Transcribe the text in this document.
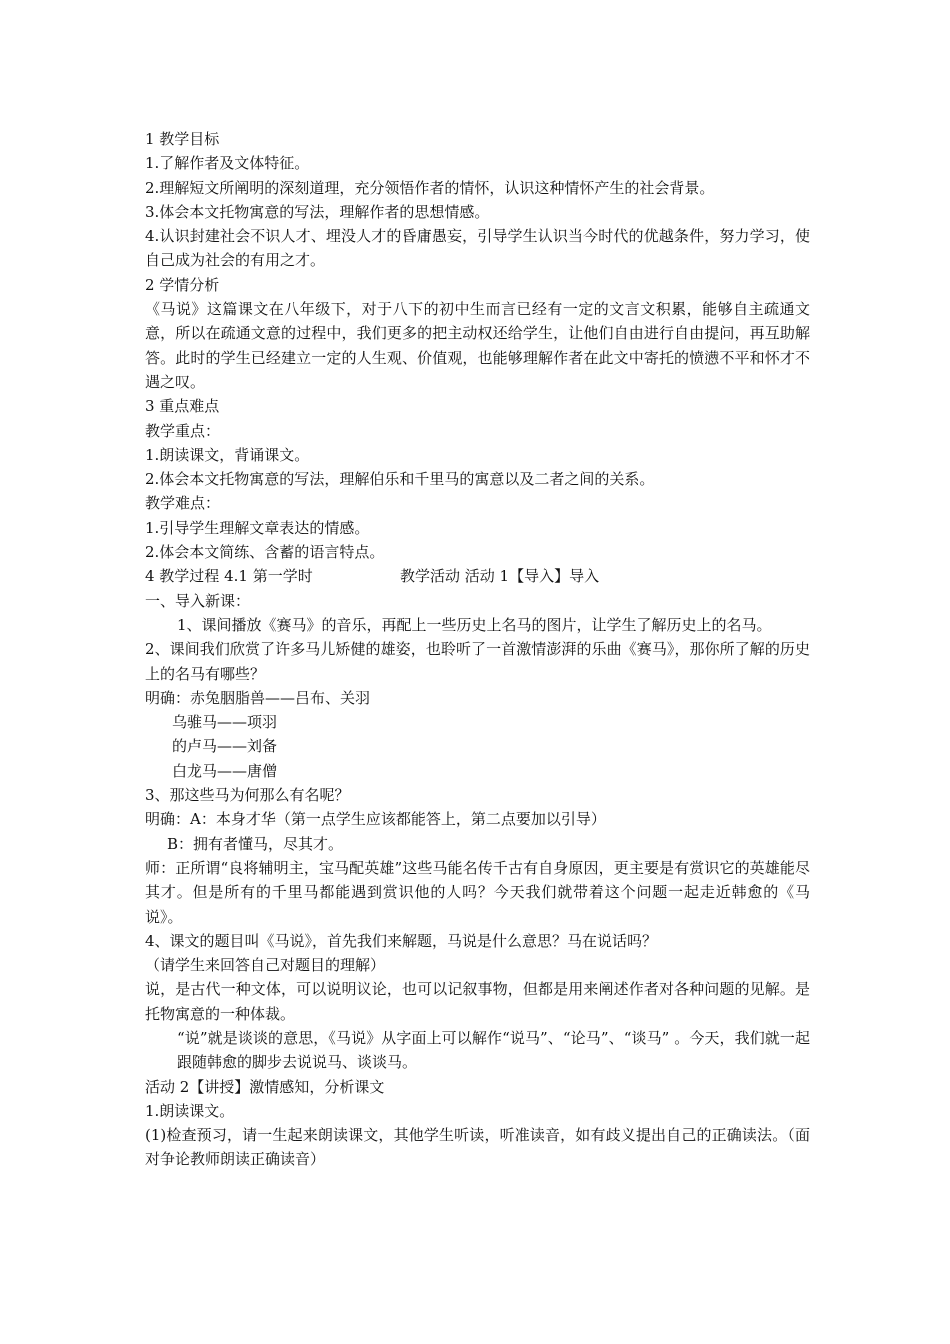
1 教学目标

1.了解作者及文体特征。

2.理解短文所阐明的深刻道理，充分领悟作者的情怀，认识这种情怀产生的社会背景。

3.体会本文托物寓意的写法，理解作者的思想情感。

4.认识封建社会不识人才、埋没人才的昏庸愚妄，引导学生认识当今时代的优越条件，努力学习，使自己成为社会的有用之才。

2 学情分析

《马说》这篇课文在八年级下，对于八下的初中生而言已经有一定的文言文积累，能够自主疏通文意，所以在疏通文意的过程中，我们更多的把主动权还给学生，让他们自由进行自由提问，再互助解答。此时的学生已经建立一定的人生观、价值观，也能够理解作者在此文中寄托的愤懑不平和怀才不遇之叹。

3 重点难点

教学重点：

1.朗读课文，背诵课文。

2.体会本文托物寓意的写法，理解伯乐和千里马的寓意以及二者之间的关系。

教学难点：

1.引导学生理解文章表达的情感。

2.体会本文简练、含蓄的语言特点。

4 教学过程 4.1 第一学时	教学活动 活动 1【导入】导入

一、导入新课：

1、课间播放《赛马》的音乐，再配上一些历史上名马的图片，让学生了解历史上的名马。

2、课间我们欣赏了许多马儿矫健的雄姿，也聆听了一首激情澎湃的乐曲《赛马》，那你所了解的历史上的名马有哪些？

明确：赤兔胭脂兽——吕布、关羽

乌骓马——项羽

的卢马——刘备

白龙马——唐僧

3、那这些马为何那么有名呢？

明确：A：本身才华（第一点学生应该都能答上，第二点要加以引导）

B：拥有者懂马，尽其才。

师：正所谓“良将辅明主，宝马配英雄”这些马能名传千古有自身原因，更主要是有赏识它的英雄能尽其才。但是所有的千里马都能遇到赏识他的人吗？今天我们就带着这个问题一起走近韩愈的《马说》。

4、课文的题目叫《马说》，首先我们来解题，马说是什么意思？马在说话吗？

（请学生来回答自己对题目的理解）

说，是古代一种文体，可以说明议论，也可以记叙事物，但都是用来阐述作者对各种问题的见解。是托物寓意的一种体裁。

“说”就是谈谈的意思，《马说》从字面上可以解作“说马”、“论马”、“谈马” 。今天，我们就一起跟随韩愈的脚步去说说马、谈谈马。

活动 2【讲授】激情感知，分析课文

1.朗读课文。

(1)检查预习，请一生起来朗读课文，其他学生听读，听准读音，如有歧义提出自己的正确读法。（面对争论教师朗读正确读音）
